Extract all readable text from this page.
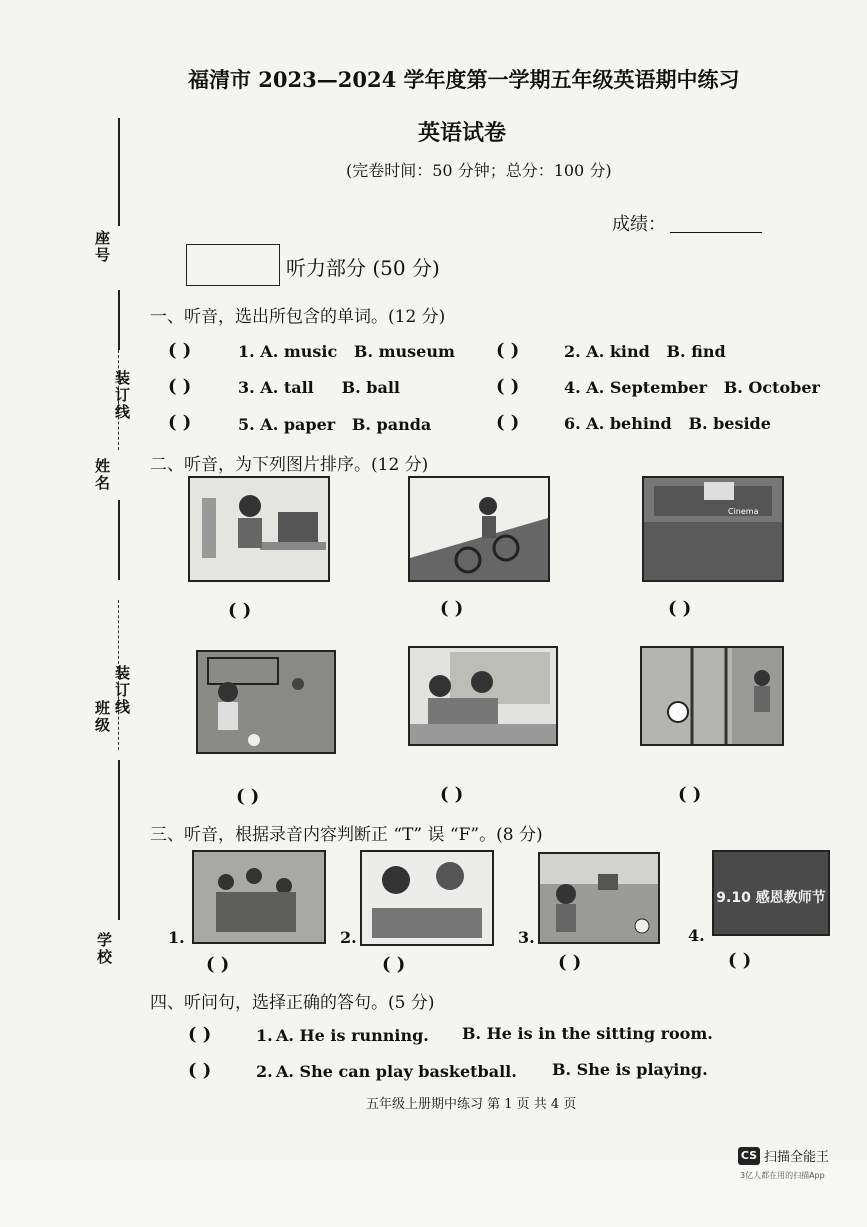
座号
装订线
姓名
装订线
班级
学校
福清市 2023—2024 学年度第一学期五年级英语期中练习
英语试卷
(完卷时间：50 分钟；总分：100 分)
成绩：
听力部分 (50 分)
一、听音，选出所包含的单词。(12 分)
( )	1. A. music   B. museum ( )	2. A. kind   B. find
( )	3. A. tall     B. ball	( )	4. A. September   B. October
( )	5. A. paper   B. panda	( )	6. A. behind   B. beside
二、听音，为下列图片排序。(12 分)
Cinema
( )	( )	( )
( )	( )	( )
三、听音，根据录音内容判断正 “T” 误 “F”。(8 分)
1.	2.	3.	4.
9.10 感恩教师节
( )	( )	( )	( )
四、听问句，选择正确的答句。(5 分)
( )	1. A. He is running. B. He is in the sitting room.
( )	2. A. She can play basketball. B. She is playing.
五年级上册期中练习 第 1 页 共 4 页
CS 扫描全能王
3亿人都在用的扫描App
